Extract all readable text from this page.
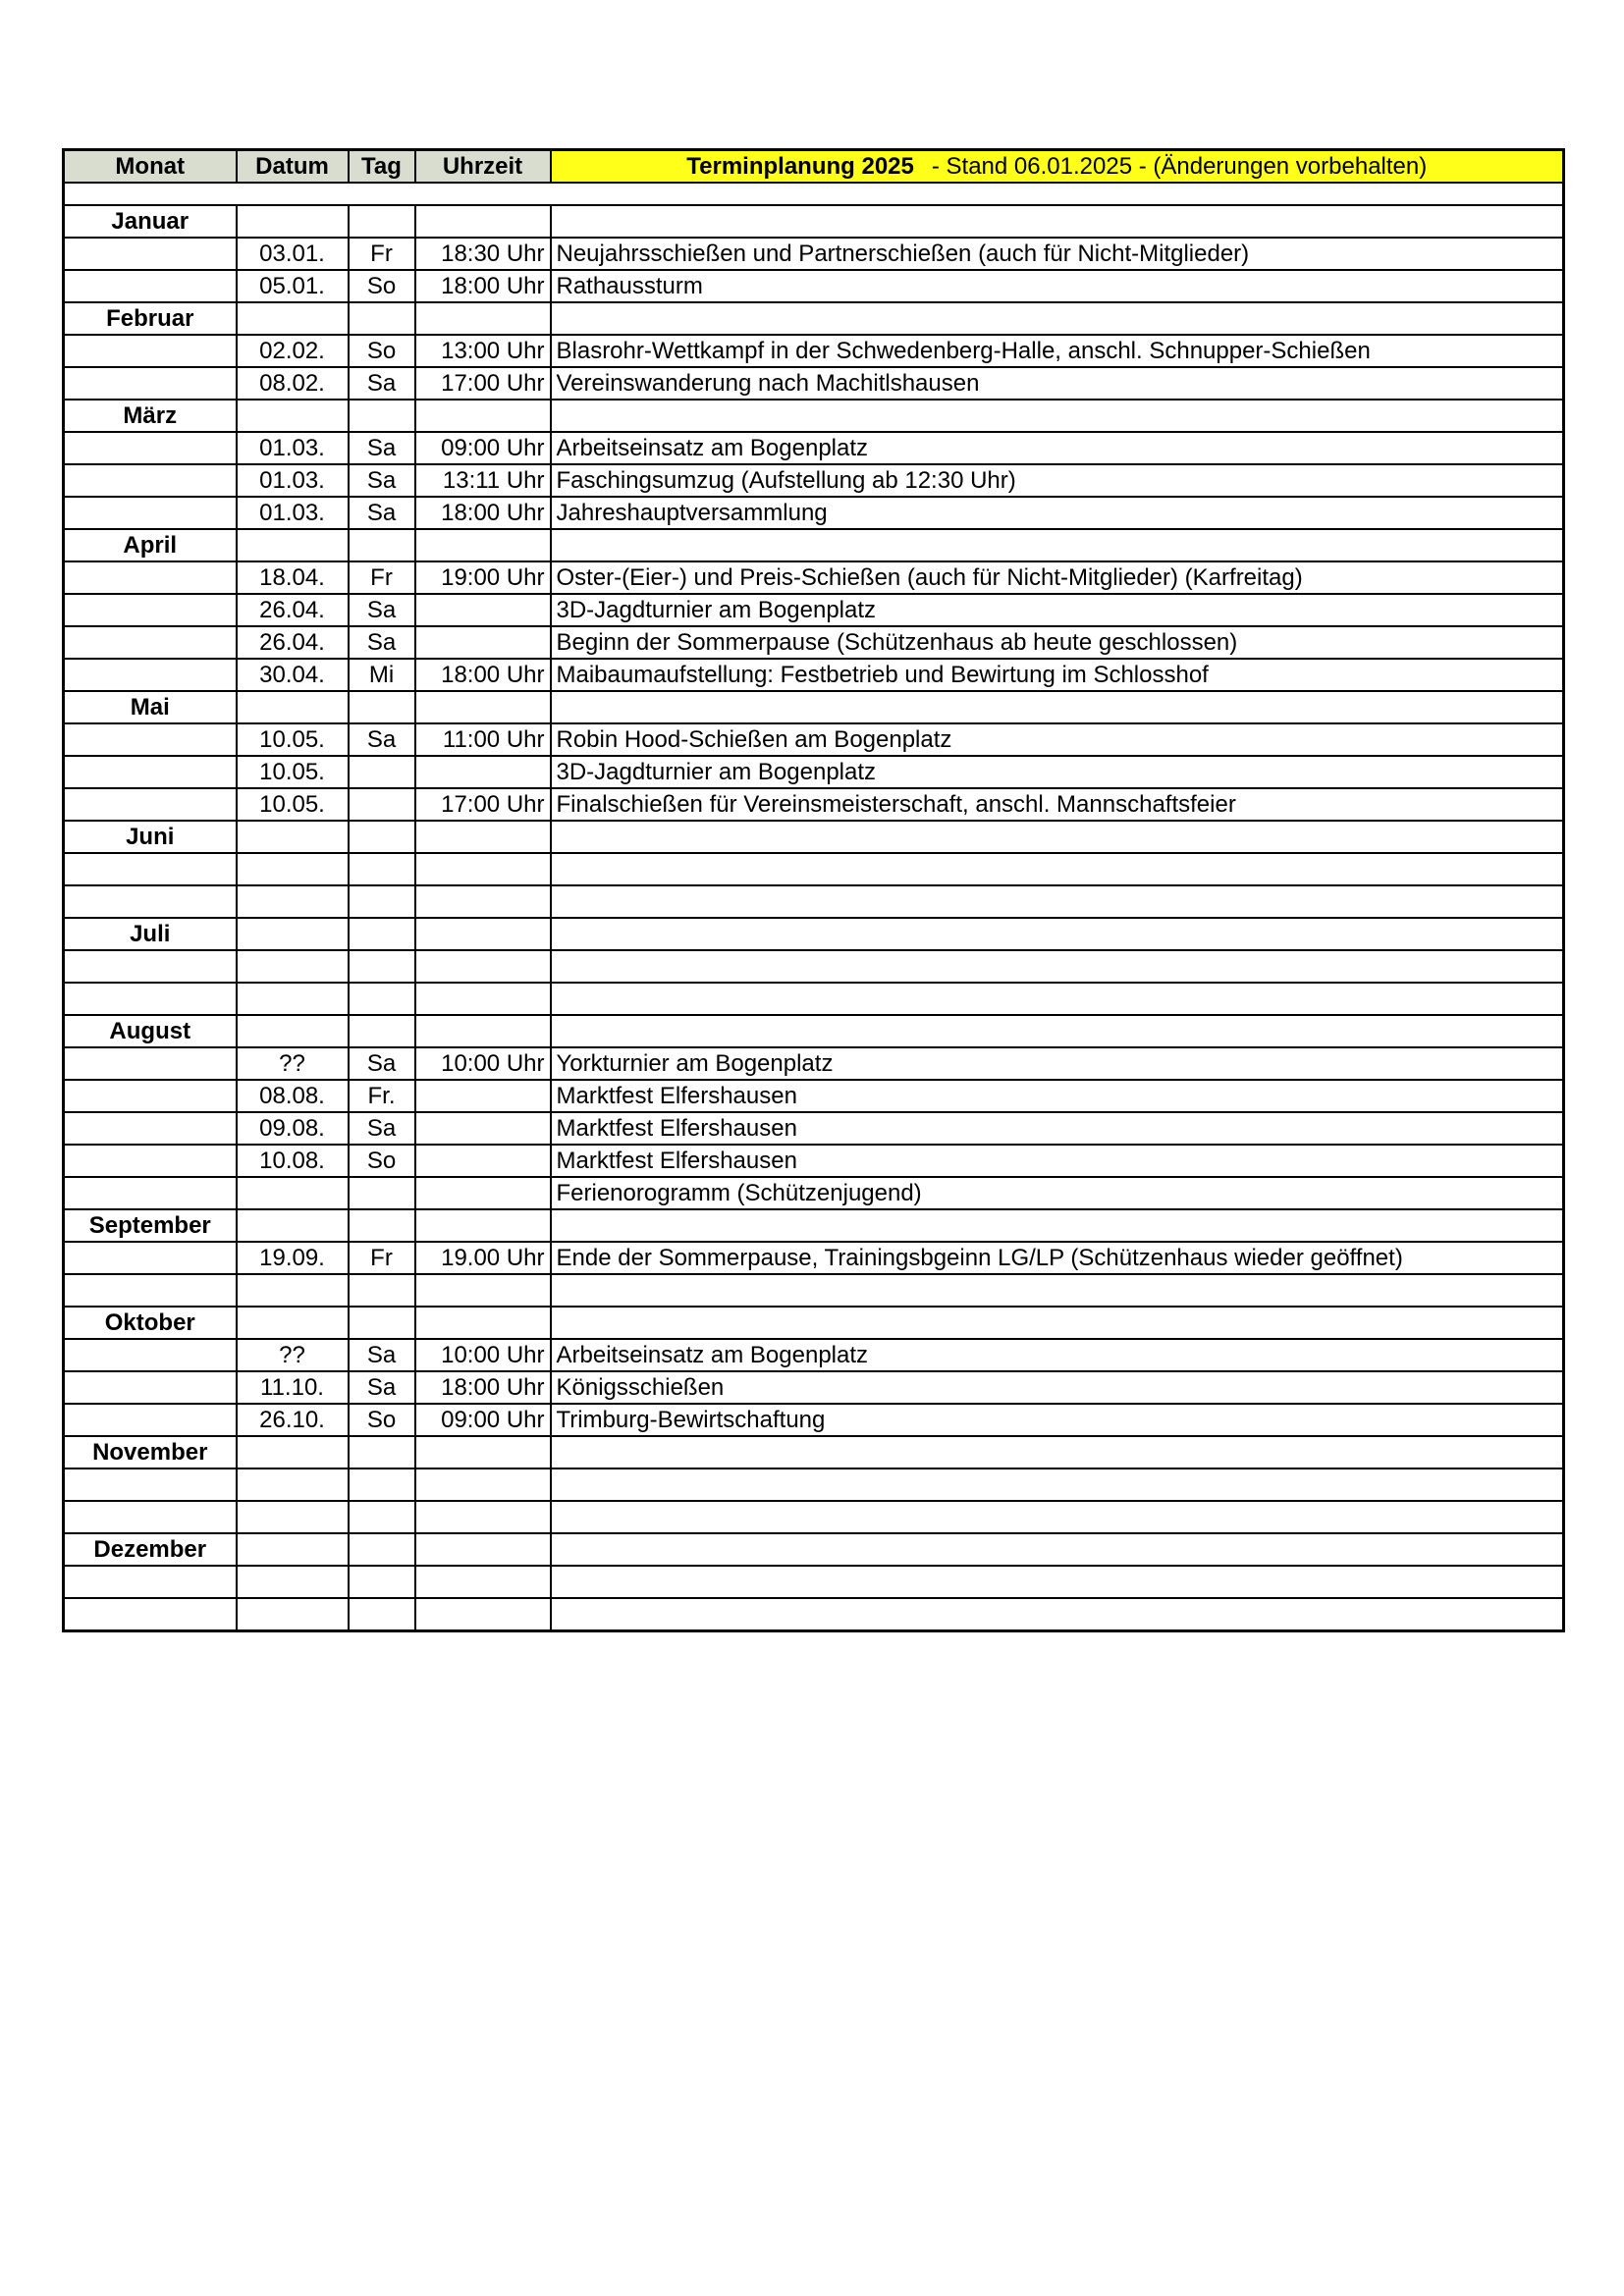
Monat	Datum	Tag	Uhrzeit	Terminplanung 2025 - Stand 06.01.2025 - (Änderungen vorbehalten)

Januar				
	03.01.	Fr	18:30 Uhr	Neujahrsschießen und Partnerschießen (auch für Nicht-Mitglieder)
	05.01.	So	18:00 Uhr	Rathaussturm
Februar				
	02.02.	So	13:00 Uhr	Blasrohr-Wettkampf in der Schwedenberg-Halle, anschl. Schnupper-Schießen
	08.02.	Sa	17:00 Uhr	Vereinswanderung nach Machitlshausen
März				
	01.03.	Sa	09:00 Uhr	Arbeitseinsatz am Bogenplatz
	01.03.	Sa	13:11 Uhr	Faschingsumzug (Aufstellung ab 12:30 Uhr)
	01.03.	Sa	18:00 Uhr	Jahreshauptversammlung
April				
	18.04.	Fr	19:00 Uhr	Oster-(Eier-) und Preis-Schießen (auch für Nicht-Mitglieder) (Karfreitag)
	26.04.	Sa		3D-Jagdturnier am Bogenplatz
	26.04.	Sa		Beginn der Sommerpause (Schützenhaus ab heute geschlossen)
	30.04.	Mi	18:00 Uhr	Maibaumaufstellung: Festbetrieb und Bewirtung im Schlosshof
Mai				
	10.05.	Sa	11:00 Uhr	Robin Hood-Schießen am Bogenplatz
	10.05.			3D-Jagdturnier am Bogenplatz
	10.05.		17:00 Uhr	Finalschießen für Vereinsmeisterschaft, anschl. Mannschaftsfeier
Juni				

Juli				

August				
	??	Sa	10:00 Uhr	Yorkturnier am Bogenplatz
	08.08.	Fr.		Marktfest Elfershausen
	09.08.	Sa		Marktfest Elfershausen
	10.08.	So		Marktfest Elfershausen
				Ferienorogramm (Schützenjugend)
September				
	19.09.	Fr	19.00 Uhr	Ende der Sommerpause, Trainingsbgeinn LG/LP (Schützenhaus wieder geöffnet)

Oktober				
	??	Sa	10:00 Uhr	Arbeitseinsatz am Bogenplatz
	11.10.	Sa	18:00 Uhr	Königsschießen
	26.10.	So	09:00 Uhr	Trimburg-Bewirtschaftung
November				

Dezember				
